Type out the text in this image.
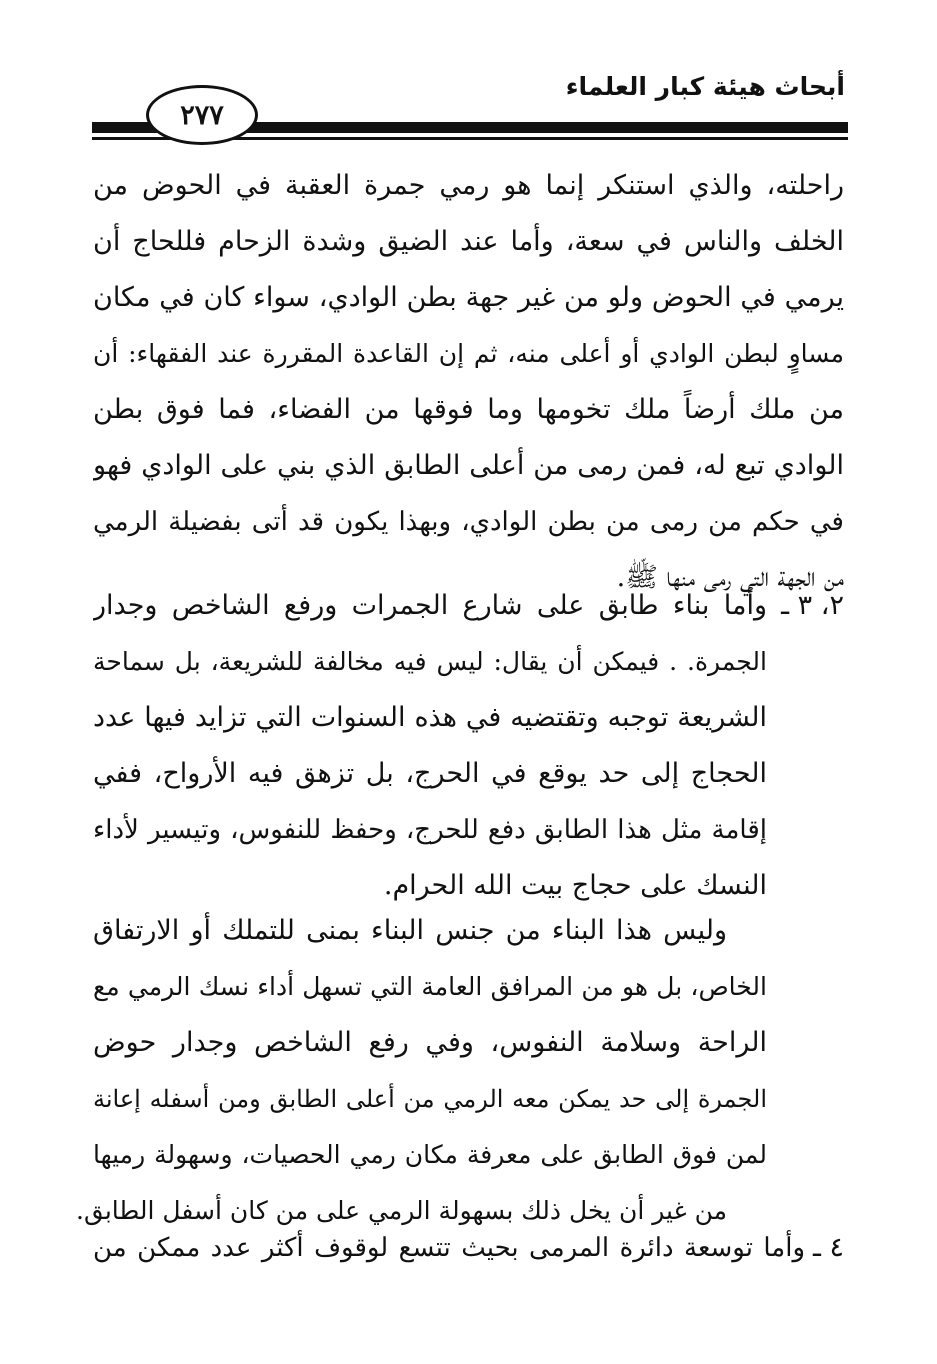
أبحاث هيئة كبار العلماء
٢٧٧
راحلته، والذي استنكر إنما هو رمي جمرة العقبة في الحوض من
الخلف والناس في سعة، وأما عند الضيق وشدة الزحام فللحاج أن
يرمي في الحوض ولو من غير جهة بطن الوادي، سواء كان في مكان
مساوٍ لبطن الوادي أو أعلى منه، ثم إن القاعدة المقررة عند الفقهاء: أن
من ملك أرضاً ملك تخومها وما فوقها من الفضاء، فما فوق بطن
الوادي تبع له، فمن رمى من أعلى الطابق الذي بني على الوادي فهو
في حكم من رمى من بطن الوادي، وبهذا يكون قد أتى بفضيلة الرمي
من الجهة التي رمى منها ﷺ.
٢، ٣ ـ
وأما بناء طابق على شارع الجمرات ورفع الشاخص وجدار
الجمرة. . فيمكن أن يقال: ليس فيه مخالفة للشريعة، بل سماحة
الشريعة توجبه وتقتضيه في هذه السنوات التي تزايد فيها عدد
الحجاج إلى حد يوقع في الحرج، بل تزهق فيه الأرواح، ففي
إقامة مثل هذا الطابق دفع للحرج، وحفظ للنفوس، وتيسير لأداء
النسك على حجاج بيت الله الحرام.
وليس هذا البناء من جنس البناء بمنى للتملك أو الارتفاق
الخاص، بل هو من المرافق العامة التي تسهل أداء نسك الرمي مع
الراحة وسلامة النفوس، وفي رفع الشاخص وجدار حوض
الجمرة إلى حد يمكن معه الرمي من أعلى الطابق ومن أسفله إعانة
لمن فوق الطابق على معرفة مكان رمي الحصيات، وسهولة رميها
من غير أن يخل ذلك بسهولة الرمي على من كان أسفل الطابق.
٤ ـ
وأما توسعة دائرة المرمى بحيث تتسع لوقوف أكثر عدد ممكن من
